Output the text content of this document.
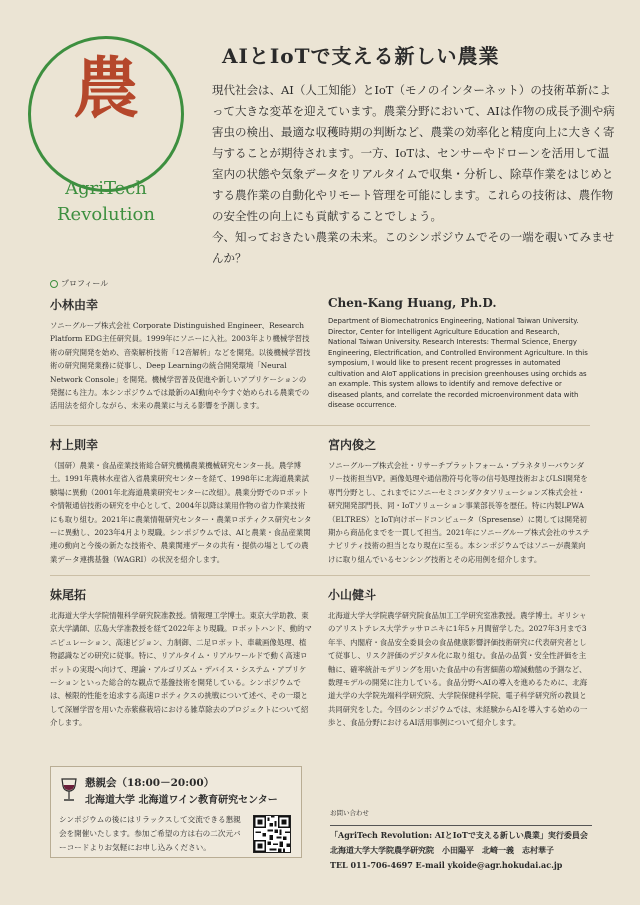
農
AgriTech
Revolution
AIとIoTで支える新しい農業

現代社会は、AI（人工知能）とIoT（モノのインターネット）の技術革新によって大きな変革を迎えています。農業分野において、AIは作物の成長予測や病害虫の検出、最適な収穫時期の判断など、農業の効率化と精度向上に大きく寄与することが期待されます。一方、IoTは、センサーやドローンを活用して温室内の状態や気象データをリアルタイムで収集・分析し、除草作業をはじめとする農作業の自動化やリモート管理を可能にします。これらの技術は、農作物の安全性の向上にも貢献することでしょう。

今、知っておきたい農業の未来。このシンポジウムでその一端を覗いてみませんか？

プロフィール
小林由幸

ソニーグループ株式会社 Corporate Distinguished Engineer、Research Platform EDG主任研究員。1999年にソニーに入社。2003年より機械学習技術の研究開発を始め、音楽解析技術「12音解析」などを開発。以後機械学習技術の研究開発業務に従事し、Deep Learningの統合開発環境「Neural Network Console」を開発。機械学習普及促進や新しいアプリケーションの発掘にも注力。本シンポジウムでは最新のAI動向や今すぐ始められる農業での活用法を紹介しながら、未来の農業に与える影響を予測します。

Chen-Kang Huang, Ph.D.

Department of Biomechatronics Engineering, National Taiwan University. Director, Center for Intelligent Agriculture Education and Research, National Taiwan University. Research Interests: Thermal Science, Energy Engineering, Electrification, and Controlled Environment Agriculture. In this symposium, I would like to present recent progresses in automated cultivation and AIoT applications in precision greenhouses using orchids as an example. This system allows to identify and remove defective or diseased plants, and correlate the recorded microenvironment data with disease occurrence.

村上則幸

（国研）農業・食品産業技術総合研究機構農業機械研究センター長。農学博士。1991年農林水産省入省農業研究センターを経て、1998年に北海道農業試験場に異動（2001年北海道農業研究センターに改組）。農業分野でのロボットや情報通信技術の研究を中心として、2004年以降は業用作物の省力作業技術にも取り組む。2021年に農業情報研究センター・農業ロボティクス研究センターに異動し、2023年4月より現職。シンポジウムでは、AIと農業・食品産業関連の動向と今後の新たな技術や、農業関連データの共有・提供の場としての農業データ連携基盤（WAGRI）の状況を紹介します。

宮内俊之

ソニーグループ株式会社・リサーチプラットフォーム・プラネタリーバウンダリー技術担当VP。画像処理や通信勘符号化等の信号処理技術およびLSI開発を専門分野とし、これまでにソニーセミコンダクタソリューションズ株式会社・研究開発部門長、同・IoTソリューション事業部長等を歴任。特に内製LPWA（ELTRES）とIoT向けボードコンピュータ（Spresense）に関しては開発初期から商品化までを一貫して担当。2021年にソニーグループ株式会社のサステナビリティ技術の担当となり現在に至る。本シンポジウムではソニーが農業向けに取り組んでいるセンシング技術とその応用例を紹介します。

妹尾拓

北海道大学大学院情報科学研究院准教授。情報理工学博士。東京大学助教、東京大学講師、広島大学准教授を経て2022年より現職。ロボットハンド、動的マニピュレーション、高速ビジョン、力制御、二足ロボット、車載画像処理、植物認識などの研究に従事。特に、リアルタイム・リアルワールドで動く高速ロボットの実現へ向けて、理論・アルゴリズム・デバイス・システム・アプリケーションといった総合的な観点で基盤技術を開発している。シンポジウムでは、極限的性能を追求する高速ロボティクスの挑戦について述べ、その一環として深層学習を用いた赤紫蘇栽培における雑草除去のプロジェクトについて紹介します。

小山健斗

北海道大学大学院農学研究院食品加工工学研究室准教授。農学博士。ギリシャのアリストテレス大学テッサロニキに1年5ヶ月間留学した。2027年3月まで3年半、内閣府・食品安全委員会の食品健康影響評価技術研究に代表研究者として従事し、リスク評価のデジタル化に取り組む。食品の品質・安全性評価を主軸に、確率統計モデリングを用いた食品中の有害細菌の増減動態の予測など、数理モデルの開発に注力している。食品分野へAIの導入を進めるために、北海道大学の大学院先端科学研究院、大学院保健科学院、電子科学研究所の教員と共同研究をした。今回のシンポジウムでは、未経験からAIを導入する始めの一歩と、食品分野におけるAI活用事例について紹介します。

懇親会（18:00－20:00）
北海道大学 北海道ワイン教育研究センター

シンポジウムの後にはリラックスして交流できる懇親会を開催いたします。参加ご希望の方は右の二次元バーコードよりお気軽にお申し込みください。

お問い合わせ
「AgriTech Revolution: AIとIoTで支える新しい農業」実行委員会
北海道大学大学院農学研究院　小田陽平　北崎一義　志村華子
TEL 011-706-4697 E-mail ykoide@agr.hokudai.ac.jp
